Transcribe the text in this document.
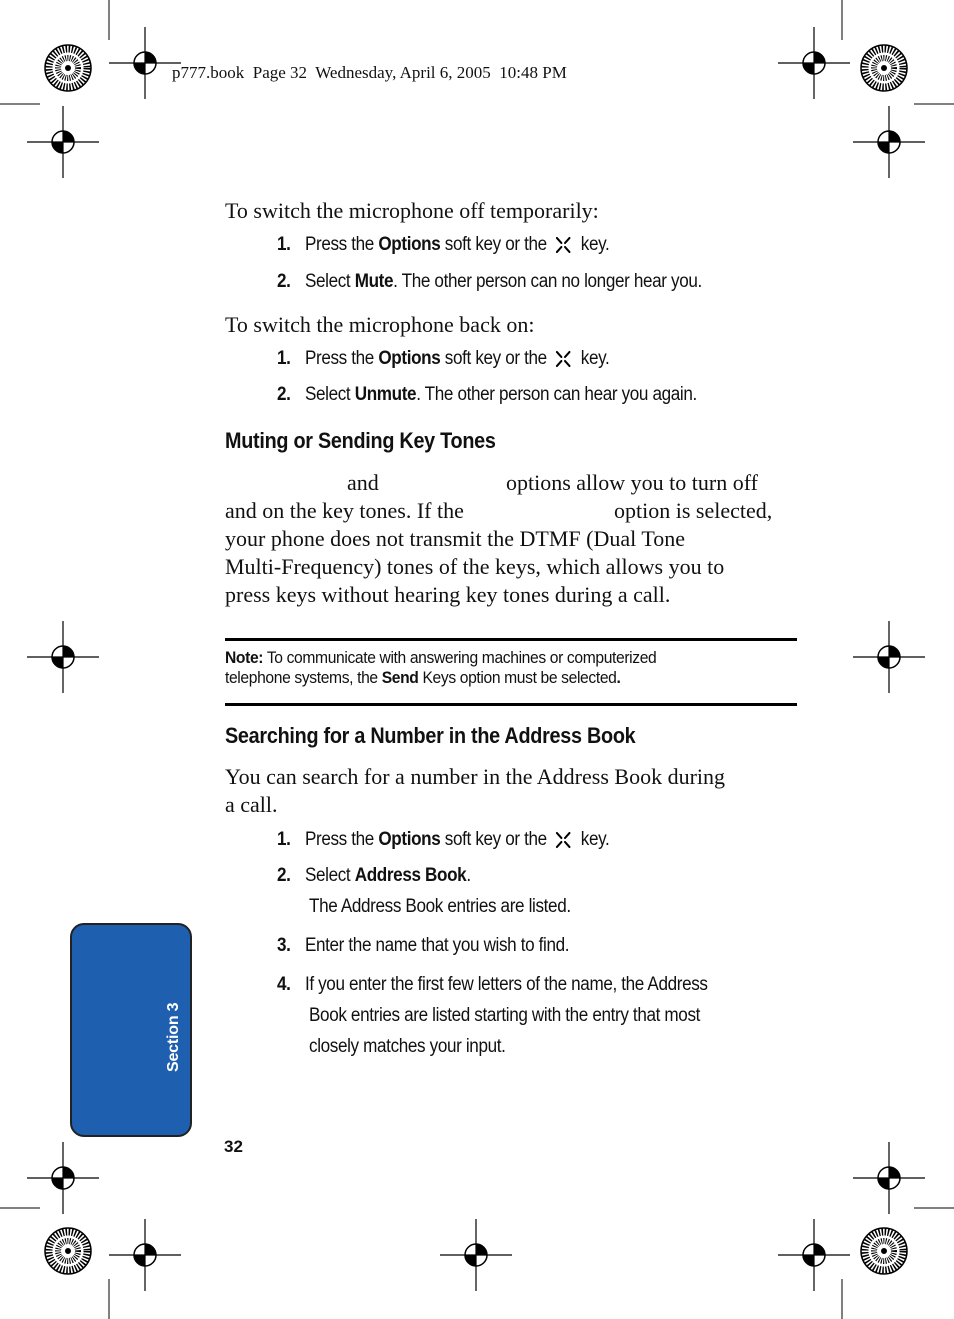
p777.book  Page 32  Wednesday, April 6, 2005  10:48 PM
To switch the microphone off temporarily:
1. Press the Options soft key or the  key.
2. Select Mute. The other person can no longer hear you.
To switch the microphone back on:
1. Press the Options soft key or the  key.
2. Select Unmute. The other person can hear you again.
Muting or Sending Key Tones
and	options allow you to turn off
and on the key tones. If the	option is selected,
your phone does not transmit the DTMF (Dual Tone
Multi-Frequency) tones of the keys, which allows you to
press keys without hearing key tones during a call.
Note: To communicate with answering machines or computerized
telephone systems, the Send Keys option must be selected.
Searching for a Number in the Address Book
You can search for a number in the Address Book during
a call.
1. Press the Options soft key or the  key.
2. Select Address Book.
The Address Book entries are listed.
3. Enter the name that you wish to find.
4. If you enter the first few letters of the name, the Address
Book entries are listed starting with the entry that most
closely matches your input.
Section 3
32
